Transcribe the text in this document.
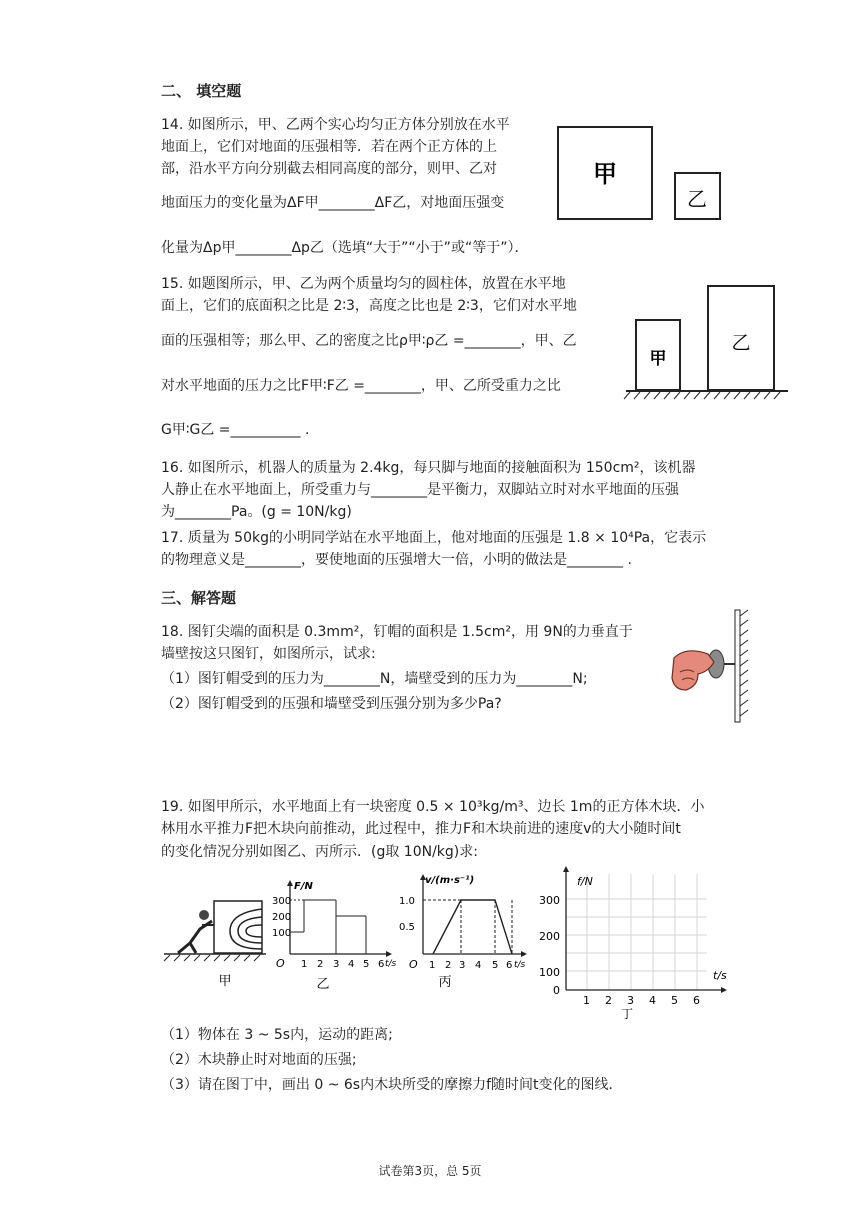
二、 填空题
14. 如图所示，甲、乙两个实心均匀正方体分别放在水平
地面上，它们对地面的压强相等．若在两个正方体的上
部，沿水平方向分别截去相同高度的部分，则甲、乙对
地面压力的变化量为ΔF甲________ΔF乙，对地面压强变
化量为Δp甲________Δp乙（选填“大于”“小于”或“等于”）．
甲
乙
15. 如题图所示，甲、乙为两个质量均匀的圆柱体，放置在水平地
面上，它们的底面积之比是 2∶3，高度之比也是 2∶3，它们对水平地
面的压强相等；那么甲、乙的密度之比ρ甲∶ρ乙 =________，甲、乙
对水平地面的压力之比F甲∶F乙 =________，甲、乙所受重力之比
G甲∶G乙 =__________ .
甲
乙
16. 如图所示，机器人的质量为 2.4kg，每只脚与地面的接触面积为 150cm²，该机器
人静止在水平地面上，所受重力与________是平衡力，双脚站立时对水平地面的压强
为________Pa。(g = 10N/kg)
17. 质量为 50kg的小明同学站在水平地面上，他对地面的压强是 1.8 × 10⁴Pa，它表示
的物理意义是________，要使地面的压强增大一倍，小明的做法是________ .
三、解答题
18. 图钉尖端的面积是 0.3mm²，钉帽的面积是 1.5cm²，用 9N的力垂直于
墙壁按这只图钉，如图所示，试求:
（1）图钉帽受到的压力为________N，墙壁受到的压力为________N;
（2）图钉帽受到的压强和墙壁受到压强分别为多少Pa?
19. 如图甲所示，水平地面上有一块密度 0.5 × 10³kg/m³、边长 1m的正方体木块．小
林用水平推力F把木块向前推动，此过程中，推力F和木块前进的速度v的大小随时间t
的变化情况分别如图乙、丙所示．(g取 10N/kg)求:
甲
F/N
300
200
100
O 1 2 3 4 5 6 t/s
乙
v/(m·s⁻¹)
1.0
0.5
O 1 2 3 4 5 6 t/s
丙
f/N
300
200
100
0
1 2 3 4 5 6
t/s
丁
（1）物体在 3 ~ 5s内，运动的距离;
（2）木块静止时对地面的压强;
（3）请在图丁中，画出 0 ~ 6s内木块所受的摩擦力f随时间t变化的图线．
试卷第3页，总 5页
